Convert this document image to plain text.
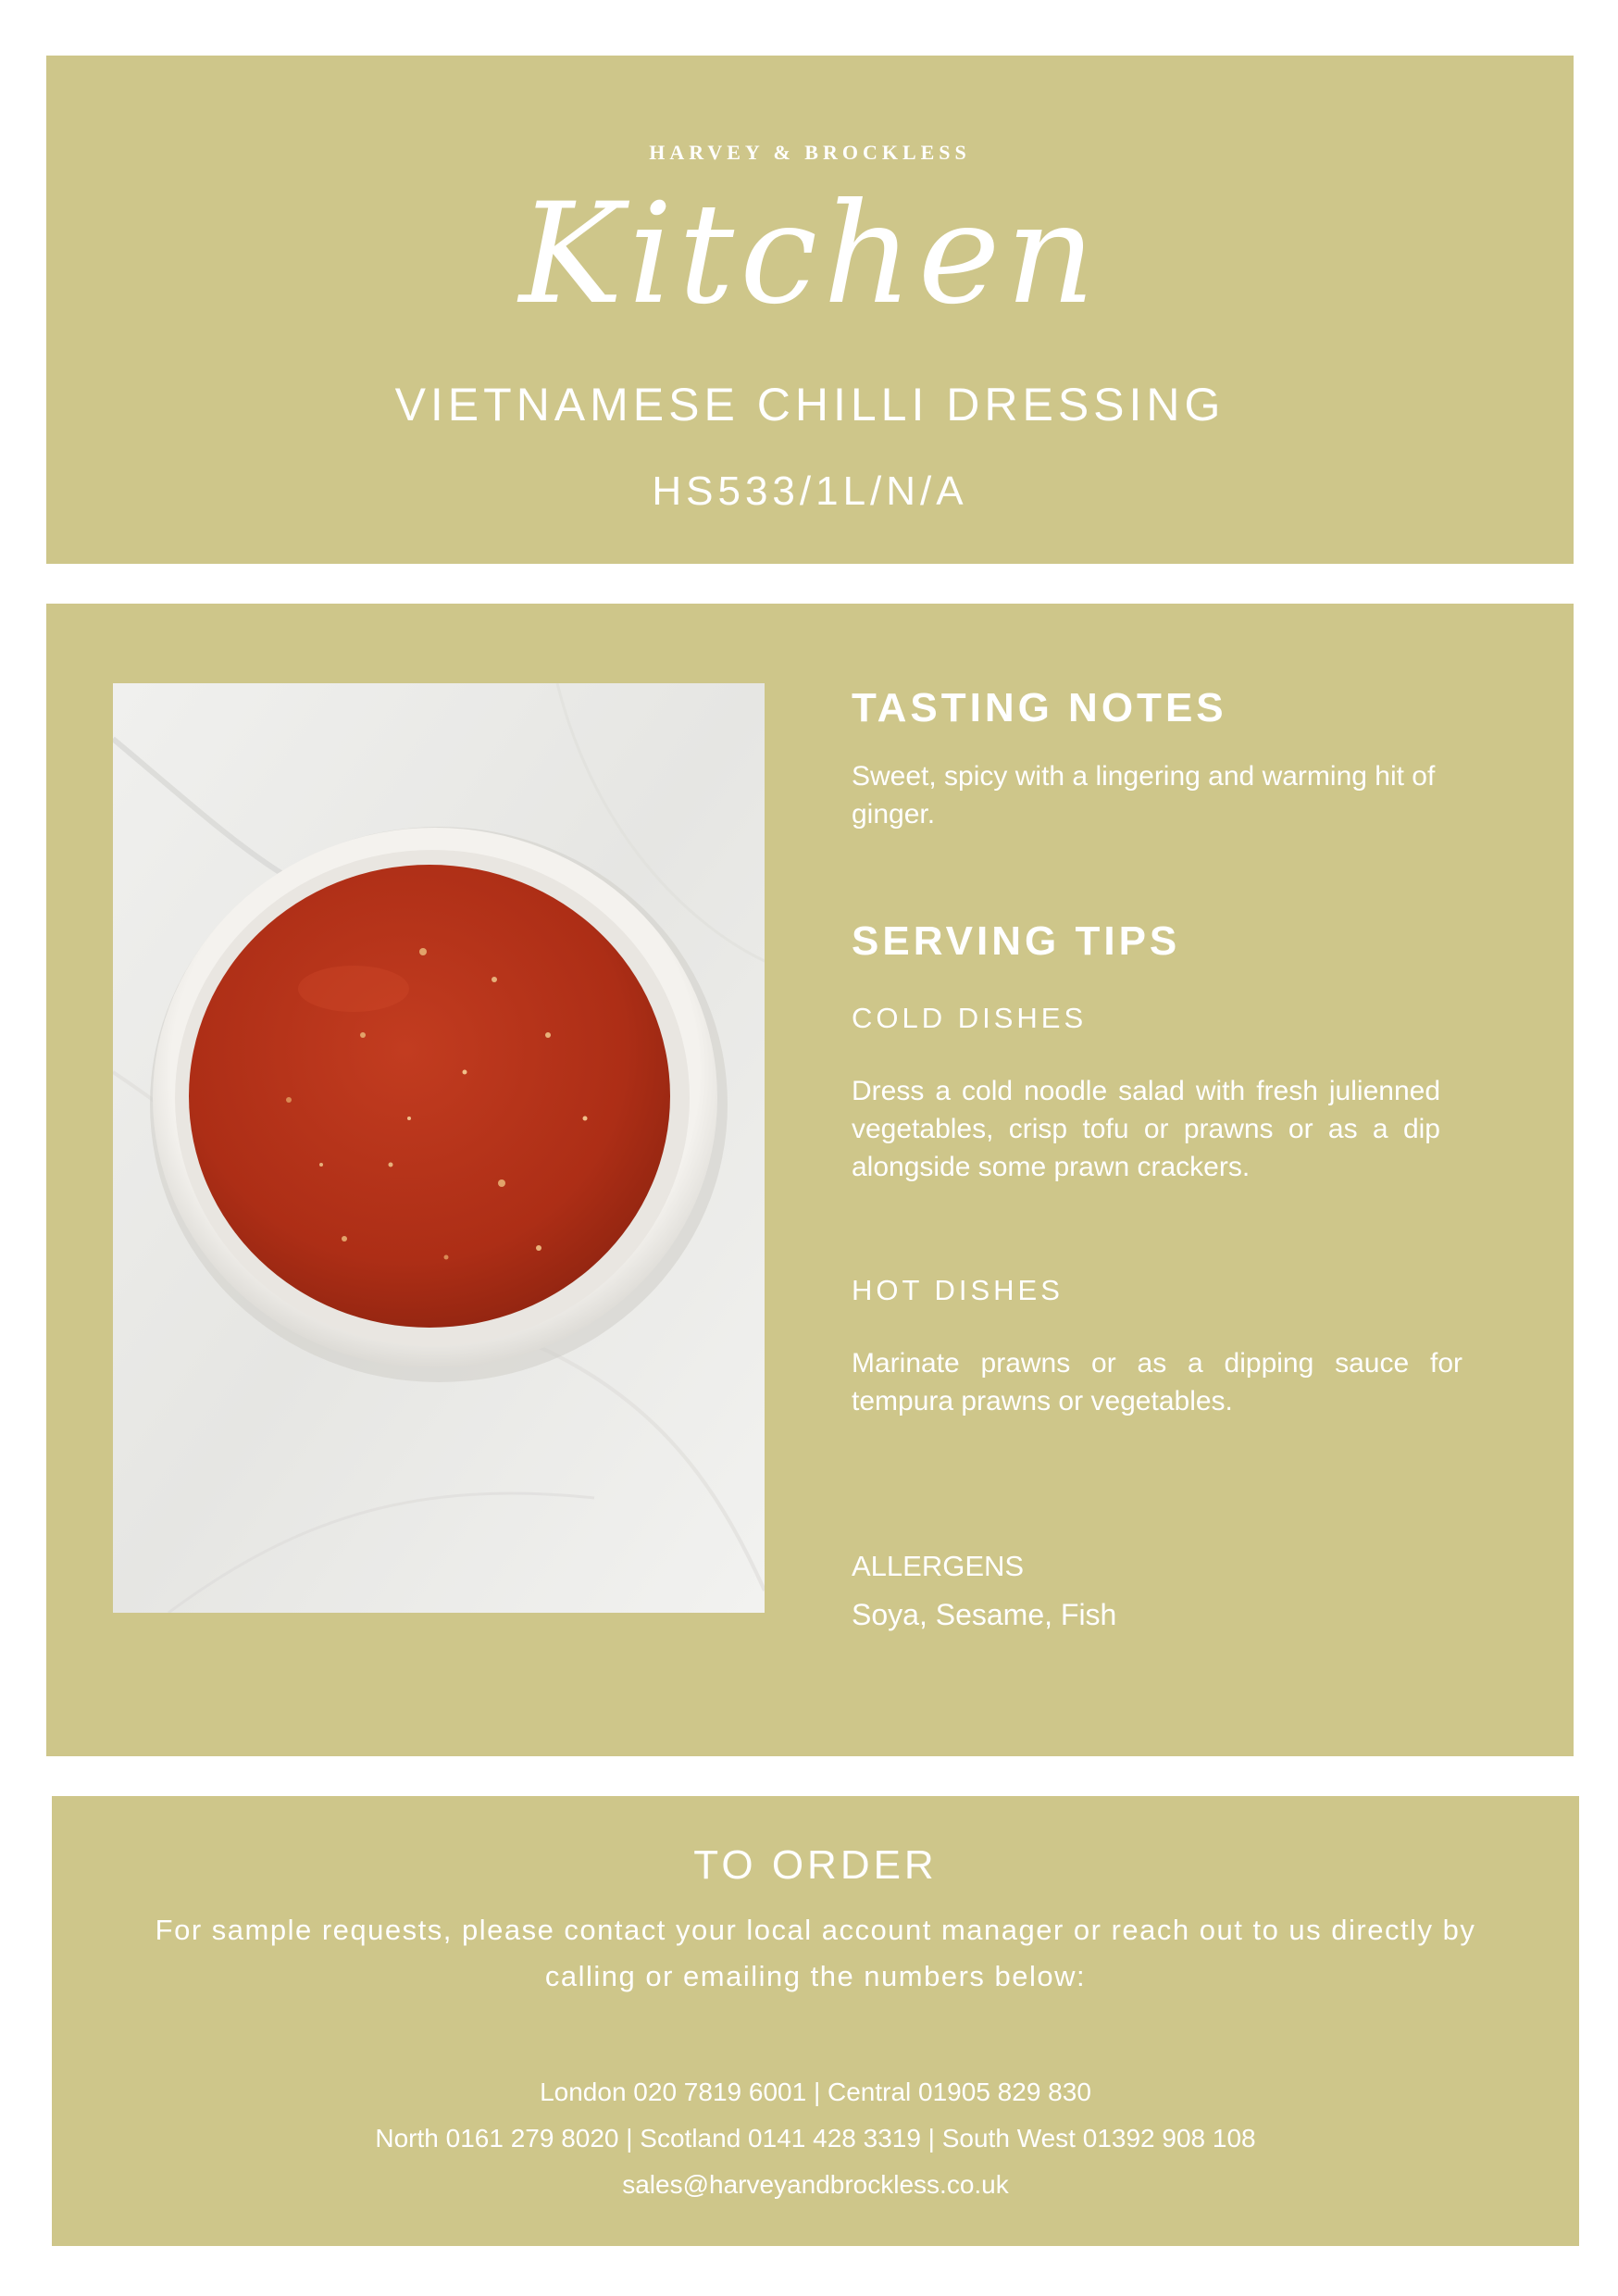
HARVEY & BROCKLESS
Kitchen
VIETNAMESE CHILLI DRESSING
HS533/1L/N/A
TASTING NOTES
Sweet, spicy with a lingering and warming hit of ginger.
SERVING TIPS
COLD DISHES
Dress a cold noodle salad with fresh julienned vegetables, crisp tofu or prawns or as a dip alongside some prawn crackers.
HOT DISHES
Marinate prawns or as a dipping sauce for tempura prawns or vegetables.
ALLERGENS
Soya, Sesame, Fish
TO ORDER
For sample requests, please contact your local account manager or reach out to us directly by calling or emailing the numbers below:
London 020 7819 6001 | Central 01905 829 830
North 0161 279 8020 | Scotland 0141 428 3319 | South West 01392 908 108
sales@harveyandbrockless.co.uk
